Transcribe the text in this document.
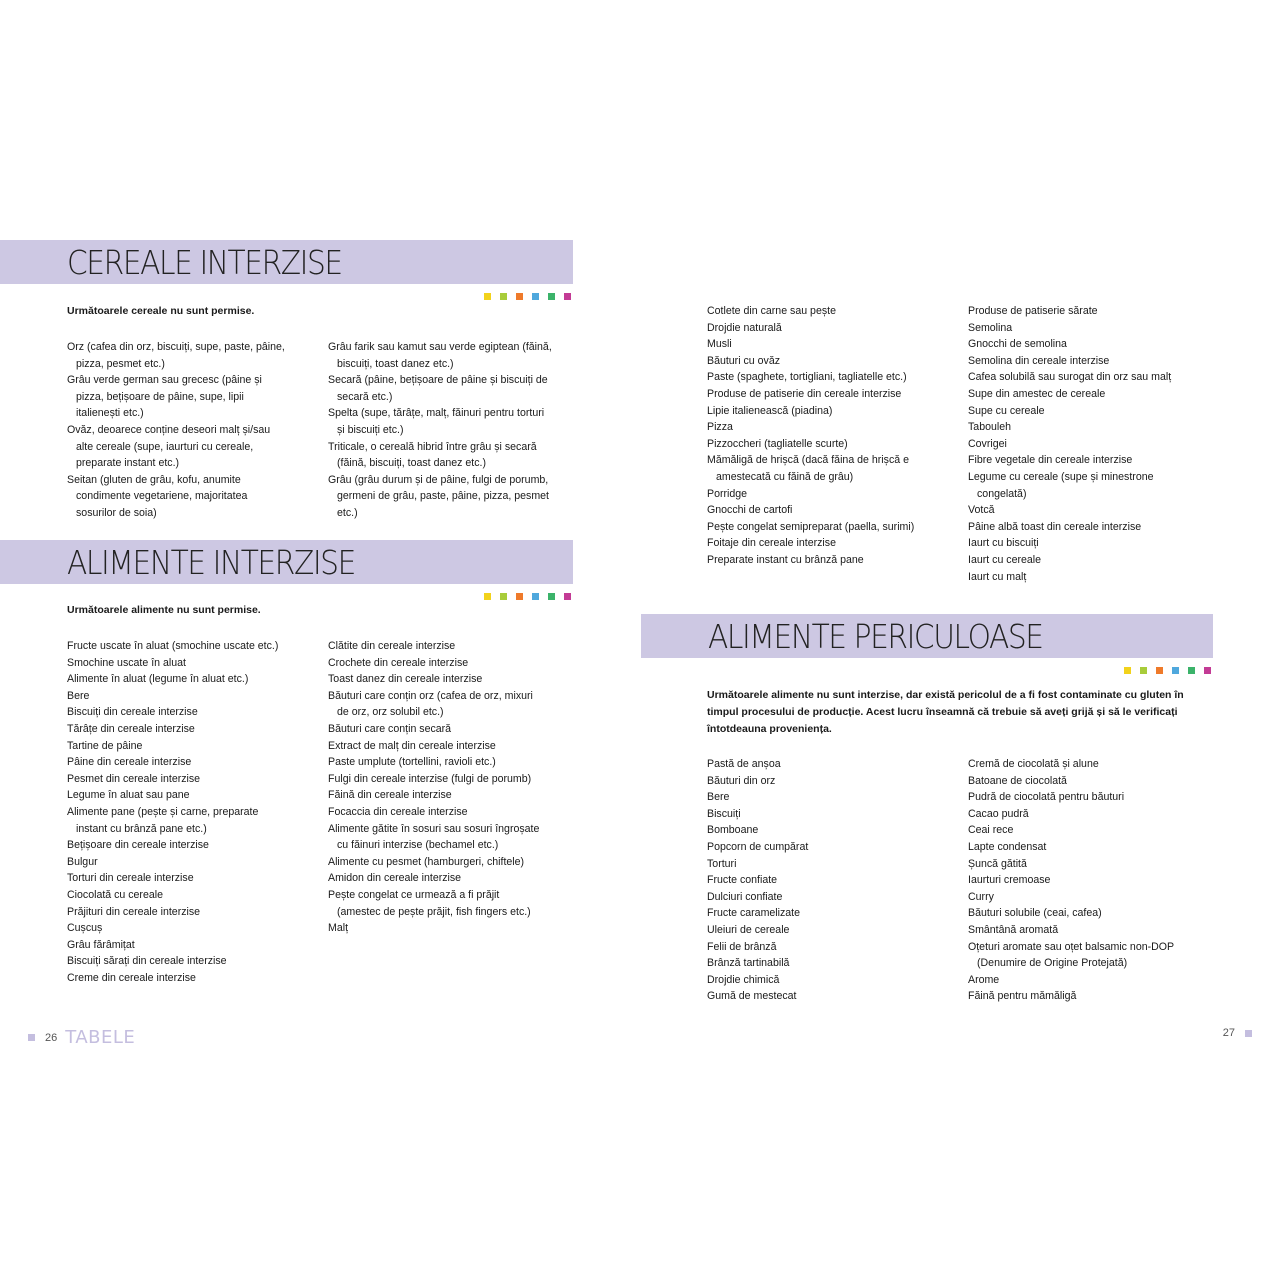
CEREALE INTERZISE

Următoarele cereale nu sunt permise.

Orz (cafea din orz, biscuiți, supe, paste, pâine, pizza, pesmet etc.)
Grâu verde german sau grecesc (pâine și pizza, bețișoare de pâine, supe, lipii italienești etc.)
Ovăz, deoarece conține deseori malț și/sau alte cereale (supe, iaurturi cu cereale, preparate instant etc.)
Seitan (gluten de grâu, kofu, anumite condimente vegetariene, majoritatea sosurilor de soia)
Grâu farik sau kamut sau verde egiptean (făină, biscuiți, toast danez etc.)
Secară (pâine, bețișoare de pâine și biscuiți de secară etc.)
Spelta (supe, tărâțe, malț, făinuri pentru torturi și biscuiți etc.)
Triticale, o cereală hibrid între grâu și secară (făină, biscuiți, toast danez etc.)
Grâu (grâu durum și de pâine, fulgi de porumb, germeni de grâu, paste, pâine, pizza, pesmet etc.)
ALIMENTE INTERZISE

Următoarele alimente nu sunt permise.

Fructe uscate în aluat (smochine uscate etc.)
Smochine uscate în aluat
Alimente în aluat (legume în aluat etc.)
Bere
Biscuiți din cereale interzise
Tărâțe din cereale interzise
Tartine de pâine
Pâine din cereale interzise
Pesmet din cereale interzise
Legume în aluat sau pane
Alimente pane (pește și carne, preparate instant cu brânză pane etc.)
Bețișoare din cereale interzise
Bulgur
Torturi din cereale interzise
Ciocolată cu cereale
Prăjituri din cereale interzise
Cușcuș
Grâu fărâmițat
Biscuiți sărați din cereale interzise
Creme din cereale interzise
Clătite din cereale interzise
Crochete din cereale interzise
Toast danez din cereale interzise
Băuturi care conțin orz (cafea de orz, mixuri de orz, orz solubil etc.)
Băuturi care conțin secară
Extract de malț din cereale interzise
Paste umplute (tortellini, ravioli etc.)
Fulgi din cereale interzise (fulgi de porumb)
Făină din cereale interzise
Focaccia din cereale interzise
Alimente gătite în sosuri sau sosuri îngroșate cu făinuri interzise (bechamel etc.)
Alimente cu pesmet (hamburgeri, chiftele)
Amidon din cereale interzise
Pește congelat ce urmează a fi prăjit (amestec de pește prăjit, fish fingers etc.)
Malț
26 TABELE
Cotlete din carne sau pește
Drojdie naturală
Musli
Băuturi cu ovăz
Paste (spaghete, tortigliani, tagliatelle etc.)
Produse de patiserie din cereale interzise
Lipie italienească (piadina)
Pizza
Pizzoccheri (tagliatelle scurte)
Mămăligă de hrișcă (dacă făina de hrișcă e amestecată cu făină de grâu)
Porridge
Gnocchi de cartofi
Pește congelat semipreparat (paella, surimi)
Foitaje din cereale interzise
Preparate instant cu brânză pane
Produse de patiserie sărate
Semolina
Gnocchi de semolina
Semolina din cereale interzise
Cafea solubilă sau surogat din orz sau malț
Supe din amestec de cereale
Supe cu cereale
Tabouleh
Covrigei
Fibre vegetale din cereale interzise
Legume cu cereale (supe și minestrone congelată)
Votcă
Pâine albă toast din cereale interzise
Iaurt cu biscuiți
Iaurt cu cereale
Iaurt cu malț
ALIMENTE PERICULOASE

Următoarele alimente nu sunt interzise, dar există pericolul de a fi fost contaminate cu gluten în timpul procesului de producție. Acest lucru înseamnă că trebuie să aveți grijă și să le verificați întotdeauna proveniența.

Pastă de anșoa
Băuturi din orz
Bere
Biscuiți
Bomboane
Popcorn de cumpărat
Torturi
Fructe confiate
Dulciuri confiate
Fructe caramelizate
Uleiuri de cereale
Felii de brânză
Brânză tartinabilă
Drojdie chimică
Gumă de mestecat
Cremă de ciocolată și alune
Batoane de ciocolată
Pudră de ciocolată pentru băuturi
Cacao pudră
Ceai rece
Lapte condensat
Șuncă gătită
Iaurturi cremoase
Curry
Băuturi solubile (ceai, cafea)
Smântână aromată
Oțeturi aromate sau oțet balsamic non-DOP (Denumire de Origine Protejată)
Arome
Făină pentru mămăligă
27
